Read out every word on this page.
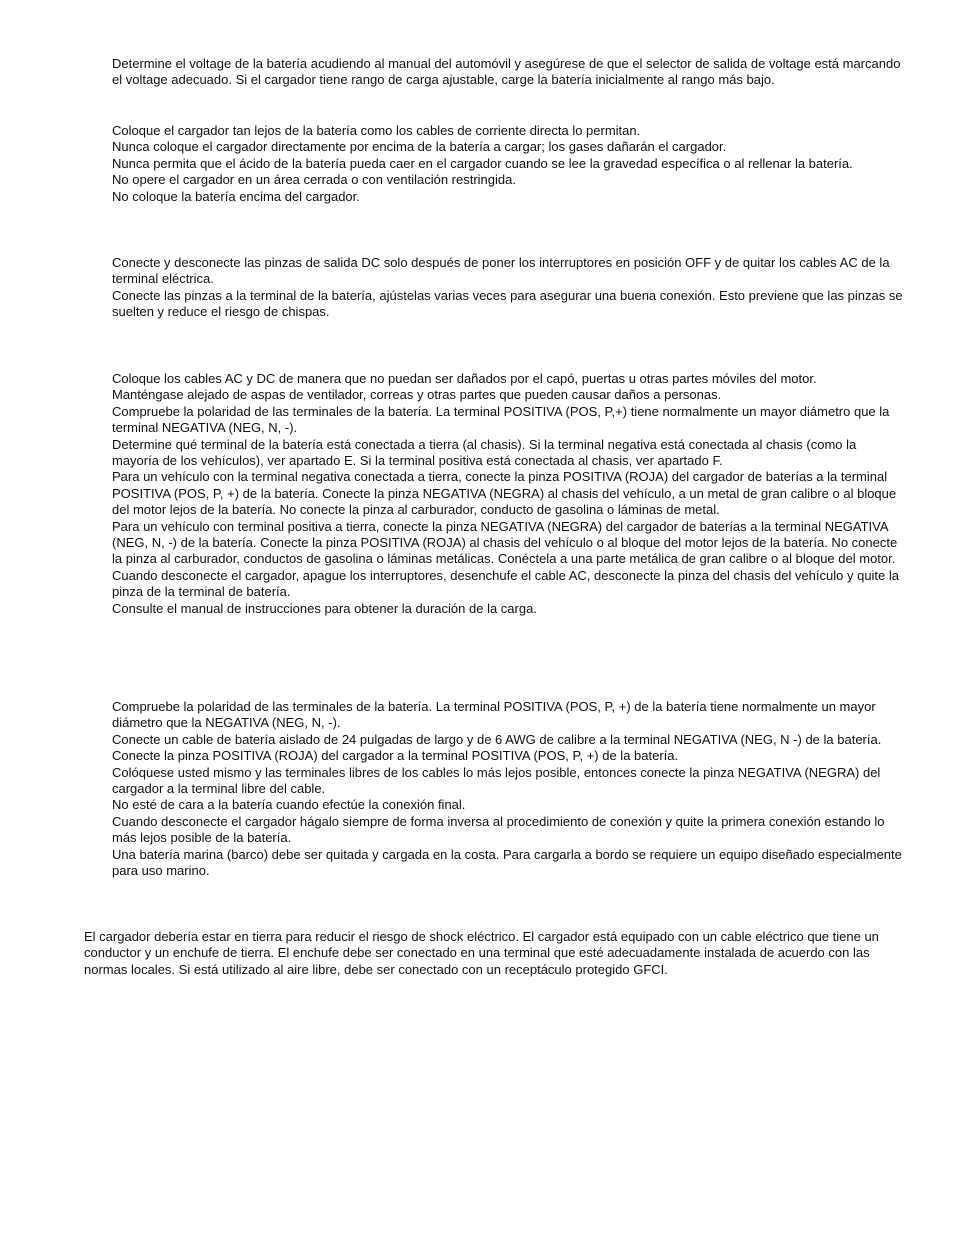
Determine el voltage de la batería acudiendo al manual del automóvil y asegúrese de que el selector de salida de voltage está marcando el voltage adecuado. Si el cargador tiene rango de carga ajustable, carge la batería inicialmente al rango más bajo.

Coloque el cargador tan lejos de la batería como los cables de corriente directa lo permitan.

Nunca coloque el cargador directamente por encima de la batería a cargar; los gases dañarán el cargador.

Nunca permita que el ácido de la batería pueda caer en el cargador cuando se lee la gravedad específica o al rellenar la batería.

No opere el cargador en un área cerrada o con ventilación restringida.

No coloque la batería encima del cargador.

Conecte y desconecte las pinzas de salida DC solo después de poner los interruptores en posición OFF y de quitar los cables AC de la terminal eléctrica.

Conecte las pinzas a la terminal de la batería, ajústelas varias veces para asegurar una buena conexión. Esto previene que las pinzas se suelten y reduce el riesgo de chispas.

Coloque los cables AC y DC de manera que no puedan ser dañados por el capó, puertas u otras partes móviles del motor.

Manténgase alejado de aspas de ventilador, correas y otras partes que pueden causar daños a personas.

Compruebe la polaridad de las terminales de la batería. La terminal POSITIVA (POS, P,+) tiene normalmente un mayor diámetro que la terminal NEGATIVA (NEG, N, -).

Determine qué terminal de la batería está conectada a tierra (al chasis). Si la terminal negativa está conectada al chasis (como la mayoría de los vehículos), ver apartado E. Si la terminal positiva está conectada al chasis, ver apartado F.

Para un vehículo con la terminal negativa conectada a tierra, conecte la pinza POSITIVA (ROJA) del cargador de baterías a la terminal POSITIVA (POS, P, +) de la batería. Conecte la pinza NEGATIVA (NEGRA) al chasis del vehículo, a un metal de gran calibre o al bloque del motor lejos de la batería. No conecte la pinza al carburador, conducto de gasolina o láminas de metal.

Para un vehículo con terminal positiva a tierra, conecte la pinza NEGATIVA (NEGRA) del cargador de baterías a la terminal NEGATIVA (NEG, N, -) de la batería. Conecte la pinza POSITIVA (ROJA) al chasis del vehículo o al bloque del motor lejos de la batería. No conecte la pinza al carburador, conductos de gasolina o láminas metálicas. Conéctela a una parte metálica de gran calibre o al bloque del motor.

Cuando desconecte el cargador, apague los interruptores, desenchufe el cable AC, desconecte la pinza del chasis del vehículo y quite la pinza de la terminal de batería.

Consulte el manual de instrucciones para obtener la duración de la carga.

Compruebe la polaridad de las terminales de la batería. La terminal POSITIVA (POS, P, +) de la batería tiene normalmente un mayor diámetro que la NEGATIVA (NEG, N, -).

Conecte un cable de batería aislado de 24 pulgadas de largo y de 6 AWG de calibre a la terminal NEGATIVA (NEG, N -) de la batería.

Conecte la pinza POSITIVA (ROJA) del cargador a la terminal POSITIVA (POS, P, +) de la batería.

Colóquese usted mismo y las terminales libres de los cables lo más lejos posible, entonces conecte la pinza NEGATIVA (NEGRA) del cargador a la terminal libre del cable.

No esté de cara a la batería cuando efectúe la conexión final.

Cuando desconecte el cargador hágalo siempre de forma inversa al procedimiento de conexión y quite la primera conexión estando lo más lejos posible de la batería.

Una batería marina (barco) debe ser quitada y cargada en la costa. Para cargarla a bordo se requiere un equipo diseñado especialmente para uso marino.

El cargador debería estar en tierra para reducir el riesgo de shock eléctrico. El cargador está equipado con un cable eléctrico que tiene un conductor y un enchufe de tierra. El enchufe debe ser conectado en una terminal que esté adecuadamente instalada de acuerdo con las normas locales. Si está utilizado al aire libre, debe ser conectado con un receptáculo protegido GFCI.
